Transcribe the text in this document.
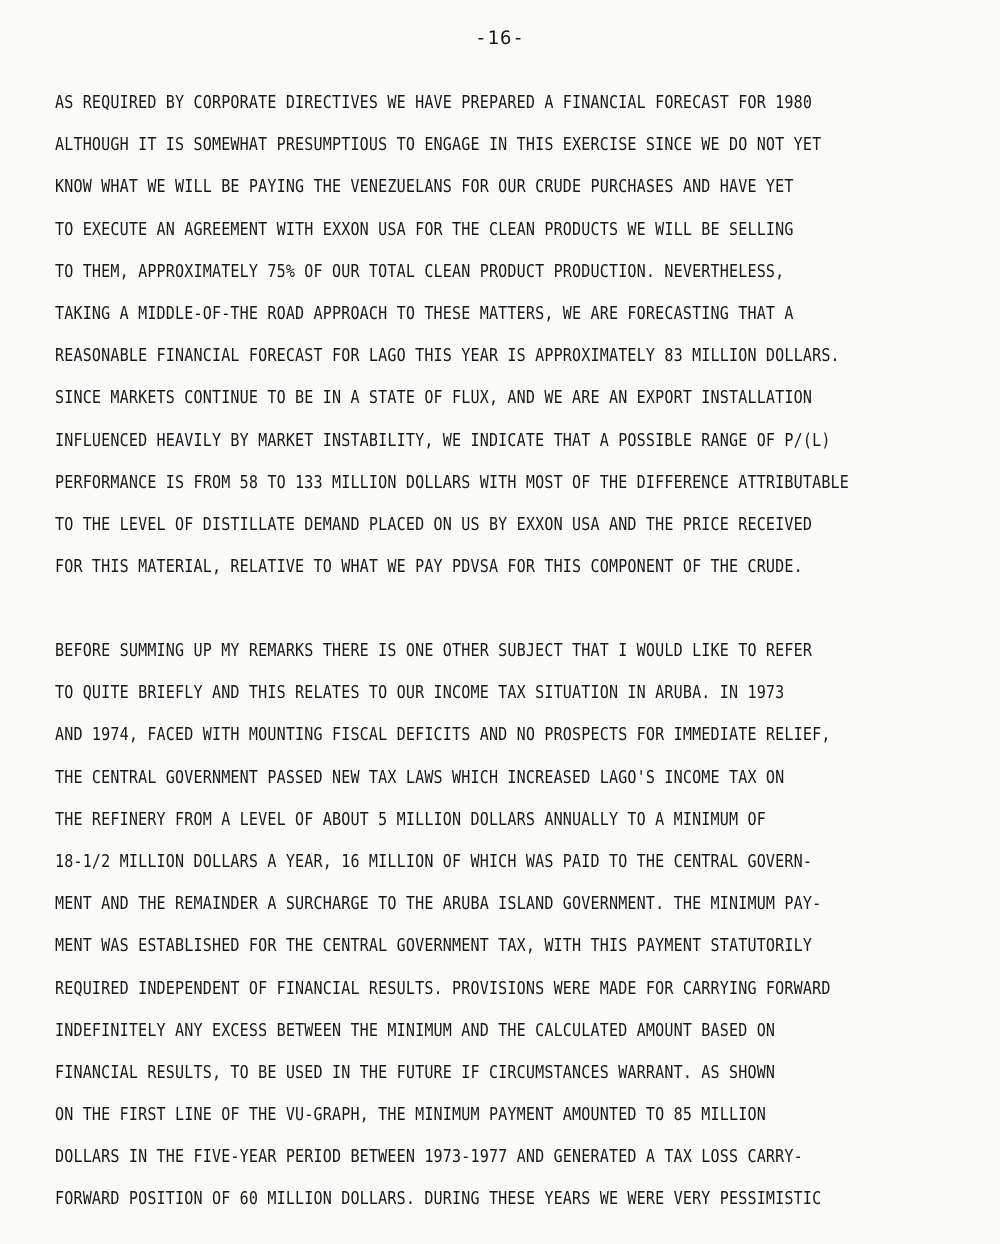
-16-
AS REQUIRED BY CORPORATE DIRECTIVES WE HAVE PREPARED A FINANCIAL FORECAST FOR 1980
ALTHOUGH IT IS SOMEWHAT PRESUMPTIOUS TO ENGAGE IN THIS EXERCISE SINCE WE DO NOT YET
KNOW WHAT WE WILL BE PAYING THE VENEZUELANS FOR OUR CRUDE PURCHASES AND HAVE YET
TO EXECUTE AN AGREEMENT WITH EXXON USA FOR THE CLEAN PRODUCTS WE WILL BE SELLING
TO THEM, APPROXIMATELY 75% OF OUR TOTAL CLEAN PRODUCT PRODUCTION. NEVERTHELESS,
TAKING A MIDDLE-OF-THE ROAD APPROACH TO THESE MATTERS, WE ARE FORECASTING THAT A
REASONABLE FINANCIAL FORECAST FOR LAGO THIS YEAR IS APPROXIMATELY 83 MILLION DOLLARS.
SINCE MARKETS CONTINUE TO BE IN A STATE OF FLUX, AND WE ARE AN EXPORT INSTALLATION
INFLUENCED HEAVILY BY MARKET INSTABILITY, WE INDICATE THAT A POSSIBLE RANGE OF P/(L)
PERFORMANCE IS FROM 58 TO 133 MILLION DOLLARS WITH MOST OF THE DIFFERENCE ATTRIBUTABLE
TO THE LEVEL OF DISTILLATE DEMAND PLACED ON US BY EXXON USA AND THE PRICE RECEIVED
FOR THIS MATERIAL, RELATIVE TO WHAT WE PAY PDVSA FOR THIS COMPONENT OF THE CRUDE.
BEFORE SUMMING UP MY REMARKS THERE IS ONE OTHER SUBJECT THAT I WOULD LIKE TO REFER
TO QUITE BRIEFLY AND THIS RELATES TO OUR INCOME TAX SITUATION IN ARUBA. IN 1973
AND 1974, FACED WITH MOUNTING FISCAL DEFICITS AND NO PROSPECTS FOR IMMEDIATE RELIEF,
THE CENTRAL GOVERNMENT PASSED NEW TAX LAWS WHICH INCREASED LAGO'S INCOME TAX ON
THE REFINERY FROM A LEVEL OF ABOUT 5 MILLION DOLLARS ANNUALLY TO A MINIMUM OF
18-1/2 MILLION DOLLARS A YEAR, 16 MILLION OF WHICH WAS PAID TO THE CENTRAL GOVERN-
MENT AND THE REMAINDER A SURCHARGE TO THE ARUBA ISLAND GOVERNMENT. THE MINIMUM PAY-
MENT WAS ESTABLISHED FOR THE CENTRAL GOVERNMENT TAX, WITH THIS PAYMENT STATUTORILY
REQUIRED INDEPENDENT OF FINANCIAL RESULTS. PROVISIONS WERE MADE FOR CARRYING FORWARD
INDEFINITELY ANY EXCESS BETWEEN THE MINIMUM AND THE CALCULATED AMOUNT BASED ON
FINANCIAL RESULTS, TO BE USED IN THE FUTURE IF CIRCUMSTANCES WARRANT. AS SHOWN
ON THE FIRST LINE OF THE VU-GRAPH, THE MINIMUM PAYMENT AMOUNTED TO 85 MILLION
DOLLARS IN THE FIVE-YEAR PERIOD BETWEEN 1973-1977 AND GENERATED A TAX LOSS CARRY-
FORWARD POSITION OF 60 MILLION DOLLARS. DURING THESE YEARS WE WERE VERY PESSIMISTIC
